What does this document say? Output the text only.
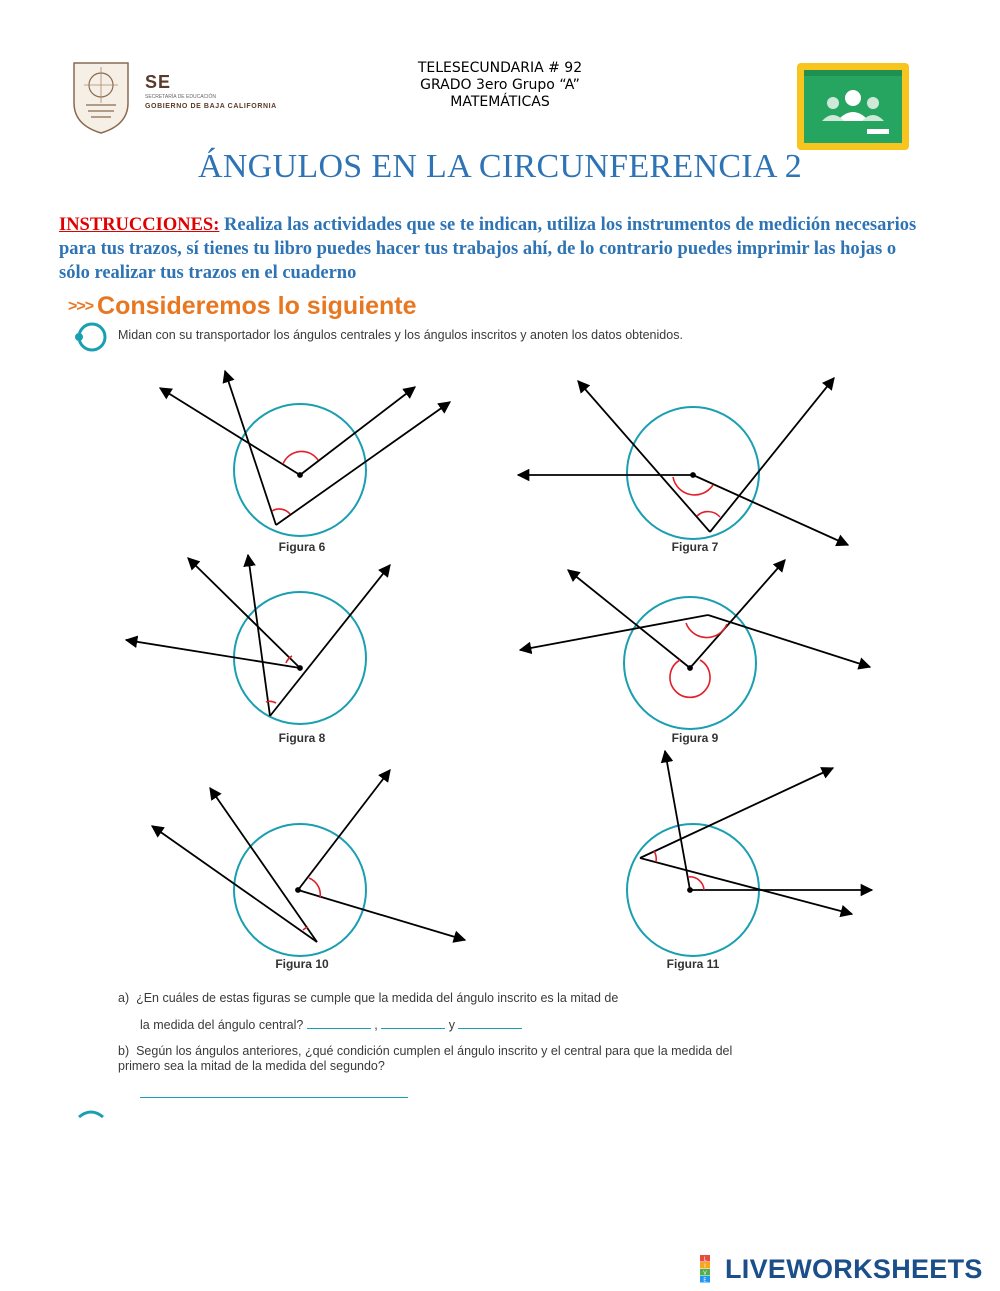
SE
SECRETARÍA DE EDUCACIÓN
GOBIERNO DE BAJA CALIFORNIA
TELESECUNDARIA # 92
GRADO 3ero Grupo “A”
MATEMÁTICAS
ÁNGULOS EN LA CIRCUNFERENCIA 2
INSTRUCCIONES: Realiza las actividades que se te indican, utiliza los instrumentos de medición necesarios para tus trazos, sí tienes tu libro puedes hacer tus trabajos ahí, de lo contrario puedes imprimir las hojas o sólo realizar tus trazos en el cuaderno
>>> Consideremos lo siguiente
Midan con su transportador los ángulos centrales y los ángulos inscritos y anoten los datos obtenidos.
Figura 6	Figura 7
Figura 8	Figura 9
Figura 10	Figura 11
a) ¿En cuáles de estas figuras se cumple que la medida del ángulo inscrito es la mitad de
la medida del ángulo central?	,	y
b) Según los ángulos anteriores, ¿qué condición cumplen el ángulo inscrito y el central para que la medida del primero sea la mitad de la medida del segundo?
L
I
V
E LIVEWORKSHEETS
